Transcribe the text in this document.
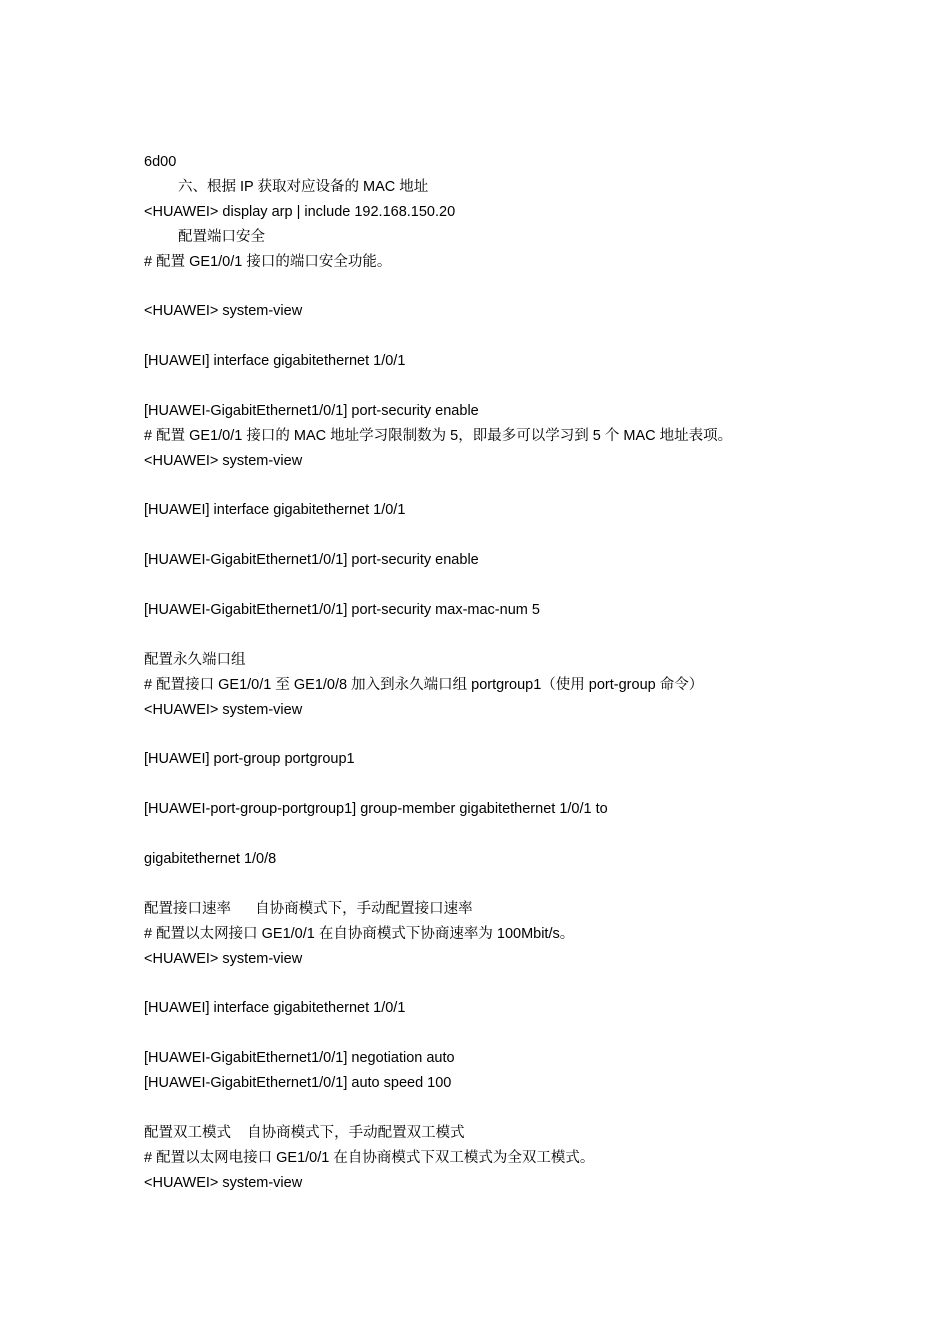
6d00
六、根据 IP 获取对应设备的 MAC 地址
<HUAWEI> display arp | include 192.168.150.20
配置端口安全
# 配置 GE1/0/1 接口的端口安全功能。
<HUAWEI> system-view
[HUAWEI] interface gigabitethernet 1/0/1
[HUAWEI-GigabitEthernet1/0/1] port-security enable
# 配置 GE1/0/1 接口的 MAC 地址学习限制数为 5，即最多可以学习到 5 个 MAC 地址表项。
<HUAWEI> system-view
[HUAWEI] interface gigabitethernet 1/0/1
[HUAWEI-GigabitEthernet1/0/1] port-security enable
[HUAWEI-GigabitEthernet1/0/1] port-security max-mac-num 5
配置永久端口组
# 配置接口 GE1/0/1 至 GE1/0/8 加入到永久端口组 portgroup1（使用 port-group 命令）
<HUAWEI> system-view
[HUAWEI] port-group portgroup1
[HUAWEI-port-group-portgroup1] group-member gigabitethernet 1/0/1 to
gigabitethernet 1/0/8
配置接口速率      自协商模式下，手动配置接口速率
# 配置以太网接口 GE1/0/1 在自协商模式下协商速率为 100Mbit/s。
<HUAWEI> system-view
[HUAWEI] interface gigabitethernet 1/0/1
[HUAWEI-GigabitEthernet1/0/1] negotiation auto
[HUAWEI-GigabitEthernet1/0/1] auto speed 100
配置双工模式    自协商模式下，手动配置双工模式
# 配置以太网电接口 GE1/0/1 在自协商模式下双工模式为全双工模式。
<HUAWEI> system-view
